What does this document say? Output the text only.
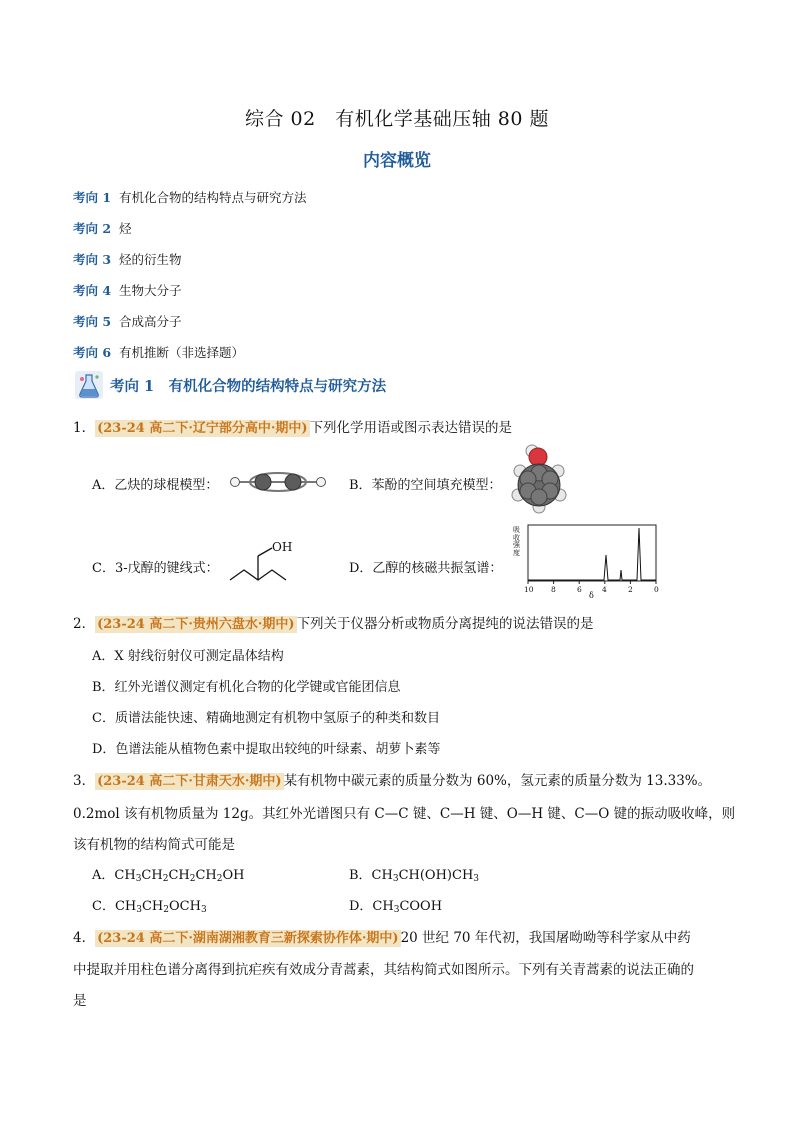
综合 02　有机化学基础压轴 80 题
内容概览
考向 1 有机化合物的结构特点与研究方法
考向 2 烃
考向 3 烃的衍生物
考向 4 生物大分子
考向 5 合成高分子
考向 6 有机推断（非选择题）
考向 1　有机化合物的结构特点与研究方法
1． (23-24 高二下·辽宁部分高中·期中) 下列化学用语或图示表达错误的是
A．乙炔的球棍模型：	B．苯酚的空间填充模型：
C．3-戊醇的键线式：
OH
D．乙醇的核磁共振氢谱：
吸收强度
10 8	6	4	2	0
δ
2． (23-24 高二下·贵州六盘水·期中) 下列关于仪器分析或物质分离提纯的说法错误的是
A．X 射线衍射仪可测定晶体结构
B．红外光谱仪测定有机化合物的化学键或官能团信息
C．质谱法能快速、精确地测定有机物中氢原子的种类和数目
D．色谱法能从植物色素中提取出较纯的叶绿素、胡萝卜素等
3． (23-24 高二下·甘肃天水·期中) 某有机物中碳元素的质量分数为 60%，氢元素的质量分数为 13.33%。
0.2mol 该有机物质量为 12g。其红外光谱图只有 C—C 键、C—H 键、O—H 键、C—O 键的振动吸收峰，则
该有机物的结构简式可能是
A．$CH_3CH_2CH_2CH_2OH$	B．$CH_3CH(OH)CH_3$
C．$CH_3CH_2OCH_3$	D．$CH_3COOH$
4． (23-24 高二下·湖南湖湘教育三新探索协作体·期中) 20 世纪 70 年代初，我国屠呦呦等科学家从中药
中提取并用柱色谱分离得到抗疟疾有效成分青蒿素，其结构简式如图所示。下列有关青蒿素的说法正确的
是
